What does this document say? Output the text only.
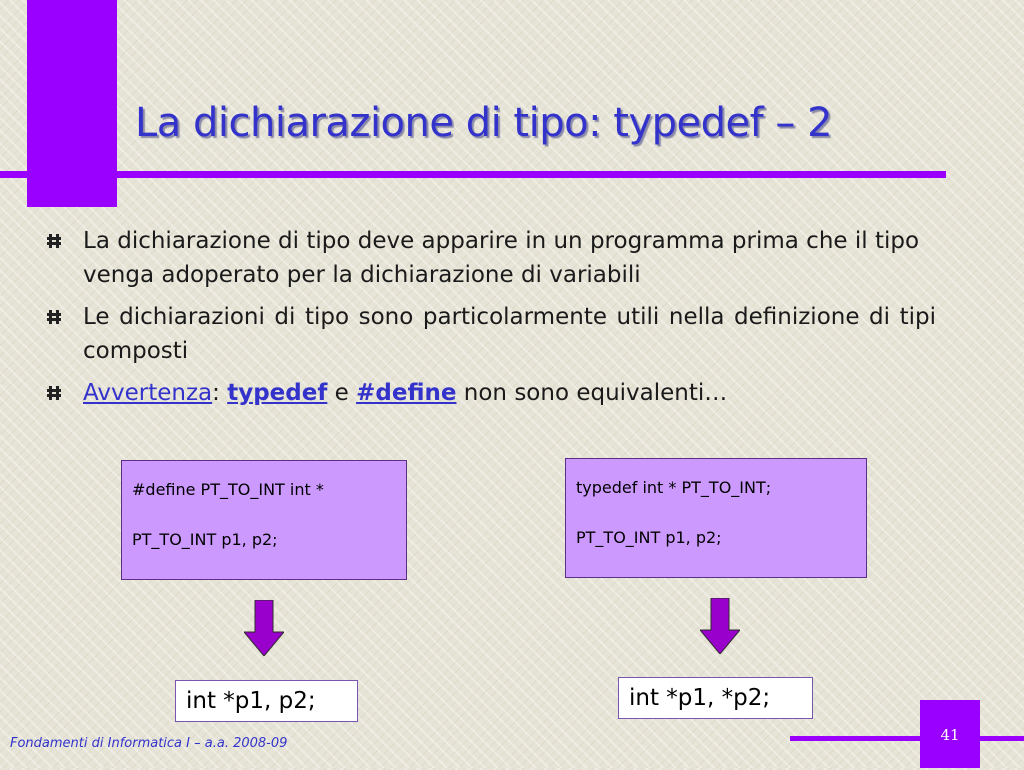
La dichiarazione di tipo: typedef – 2
La dichiarazione di tipo deve apparire in un programma prima che il tipo venga adoperato per la dichiarazione di variabili
Le dichiarazioni di tipo sono particolarmente utili nella definizione di tipi composti
Avvertenza: typedef e #define non sono equivalenti…
#define PT_TO_INT int *
PT_TO_INT p1, p2;
typedef int * PT_TO_INT;
PT_TO_INT p1, p2;
int *p1, p2;	int *p1, *p2;
Fondamenti di Informatica I – a.a. 2008-09	41
